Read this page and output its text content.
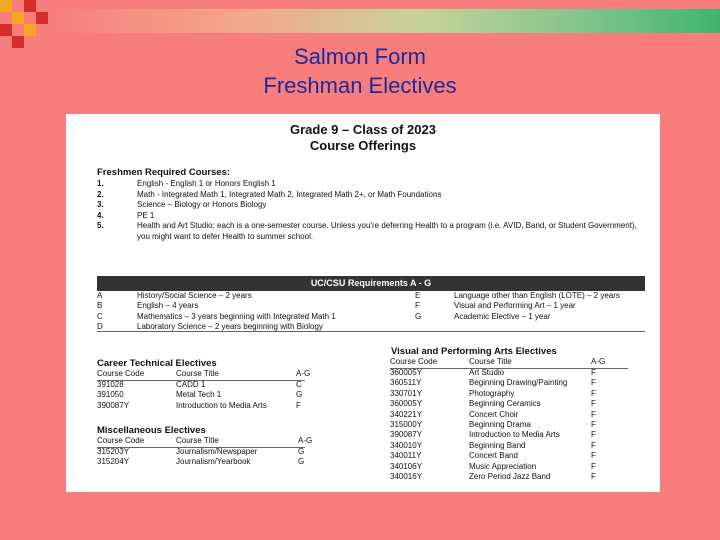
Salmon Form
Freshman Electives
Grade 9 – Class of 2023
Course Offerings
Freshmen Required Courses:
1.	English - English 1 or Honors English 1
2.	Math - Integrated Math 1, Integrated Math 2, Integrated Math 2+, or Math Foundations
3.	Science – Biology or Honors Biology
4.	PE 1
5.	Health and Art Studio; each is a one-semester course. Unless you're deferring Health to a program (i.e. AVID, Band, or Student Government), you might want to defer Health to summer school.
UC/CSU Requirements A - G
A	History/Social Science – 2 years
B	English – 4 years
C	Mathematics – 3 years beginning with Integrated Math 1
D	Laboratory Science – 2 years beginning with Biology
E	Language other than English (LOTE) – 2 years
F	Visual and Performing Art – 1 year
G	Academic Elective – 1 year
Career Technical Electives
Course Code	Course Title	A-G
391028	CADD 1	C
391050	Metal Tech 1	G
390087Y	Introduction to Media Arts	F
Miscellaneous Electives
Course Code	Course Title	A-G
315203Y	Journalism/Newspaper	G
315204Y	Journalism/Yearbook	G
Visual and Performing Arts Electives
Course Code	Course Title	A-G
360005Y	Art Studio	F
360511Y	Beginning Drawing/Painting	F
330701Y	Photography	F
360005Y	Beginning Ceramics	F
340221Y	Concert Choir	F
315000Y	Beginning Drama	F
390087Y	Introduction to Media Arts	F
340010Y	Beginning Band	F
340011Y	Concert Band	F
340106Y	Music Appreciation	F
340016Y	Zero Period Jazz Band	F
